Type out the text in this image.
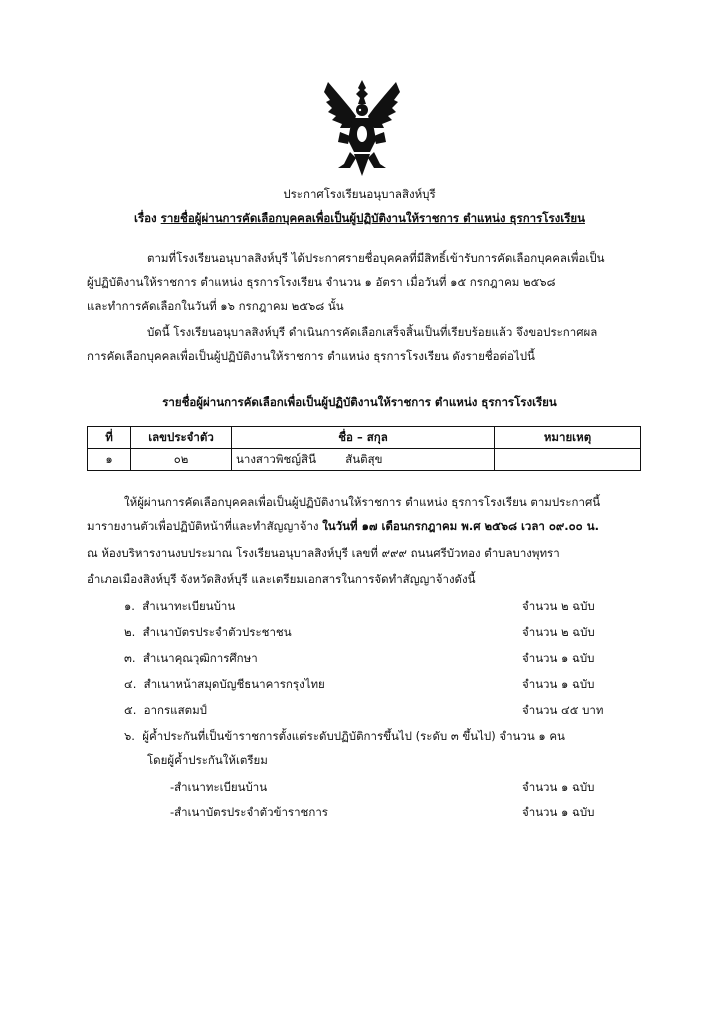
ประกาศโรงเรียนอนุบาลสิงห์บุรี
เรื่อง รายชื่อผู้ผ่านการคัดเลือกบุคคลเพื่อเป็นผู้ปฏิบัติงานให้ราชการ ตำแหน่ง ธุรการโรงเรียน
ตามที่โรงเรียนอนุบาลสิงห์บุรี ได้ประกาศรายชื่อบุคคลที่มีสิทธิ์เข้ารับการคัดเลือกบุคคลเพื่อเป็น
ผู้ปฏิบัติงานให้ราชการ ตำแหน่ง ธุรการโรงเรียน จำนวน ๑ อัตรา เมื่อวันที่ ๑๕ กรกฎาคม ๒๕๖๘
และทำการคัดเลือกในวันที่ ๑๖ กรกฎาคม ๒๕๖๘ นั้น
บัดนี้ โรงเรียนอนุบาลสิงห์บุรี ดำเนินการคัดเลือกเสร็จสิ้นเป็นที่เรียบร้อยแล้ว จึงขอประกาศผล
การคัดเลือกบุคคลเพื่อเป็นผู้ปฏิบัติงานให้ราชการ ตำแหน่ง ธุรการโรงเรียน ดังรายชื่อต่อไปนี้
รายชื่อผู้ผ่านการคัดเลือกเพื่อเป็นผู้ปฏิบัติงานให้ราชการ ตำแหน่ง ธุรการโรงเรียน
ที่	เลขประจำตัว	ชื่อ – สกุล	หมายเหตุ
๑	๐๒	นางสาวพิชญ์สินี สันติสุข	
ให้ผู้ผ่านการคัดเลือกบุคคลเพื่อเป็นผู้ปฏิบัติงานให้ราชการ ตำแหน่ง ธุรการโรงเรียน ตามประกาศนี้
มารายงานตัวเพื่อปฏิบัติหน้าที่และทำสัญญาจ้าง ในวันที่ ๑๗ เดือนกรกฎาคม พ.ศ ๒๕๖๘ เวลา ๐๙.๐๐ น.
ณ ห้องบริหารงานงบประมาณ โรงเรียนอนุบาลสิงห์บุรี เลขที่ ๙๙๙ ถนนศรีบัวทอง ตำบลบางพุทรา
อำเภอเมืองสิงห์บุรี จังหวัดสิงห์บุรี และเตรียมเอกสารในการจัดทำสัญญาจ้างดังนี้
๑. สำเนาทะเบียนบ้าน	จำนวน ๒ ฉบับ
๒. สำเนาบัตรประจำตัวประชาชน	จำนวน ๒ ฉบับ
๓. สำเนาคุณวุฒิการศึกษา	จำนวน ๑ ฉบับ
๔. สำเนาหน้าสมุดบัญชีธนาคารกรุงไทย	จำนวน ๑ ฉบับ
๕. อากรแสตมป์	จำนวน ๔๕ บาท
๖. ผู้ค้ำประกันที่เป็นข้าราชการตั้งแต่ระดับปฏิบัติการขึ้นไป (ระดับ ๓ ขึ้นไป) จำนวน ๑ คน
โดยผู้ค้ำประกันให้เตรียม
-สำเนาทะเบียนบ้าน	จำนวน ๑ ฉบับ
-สำเนาบัตรประจำตัวข้าราชการ	จำนวน ๑ ฉบับ
